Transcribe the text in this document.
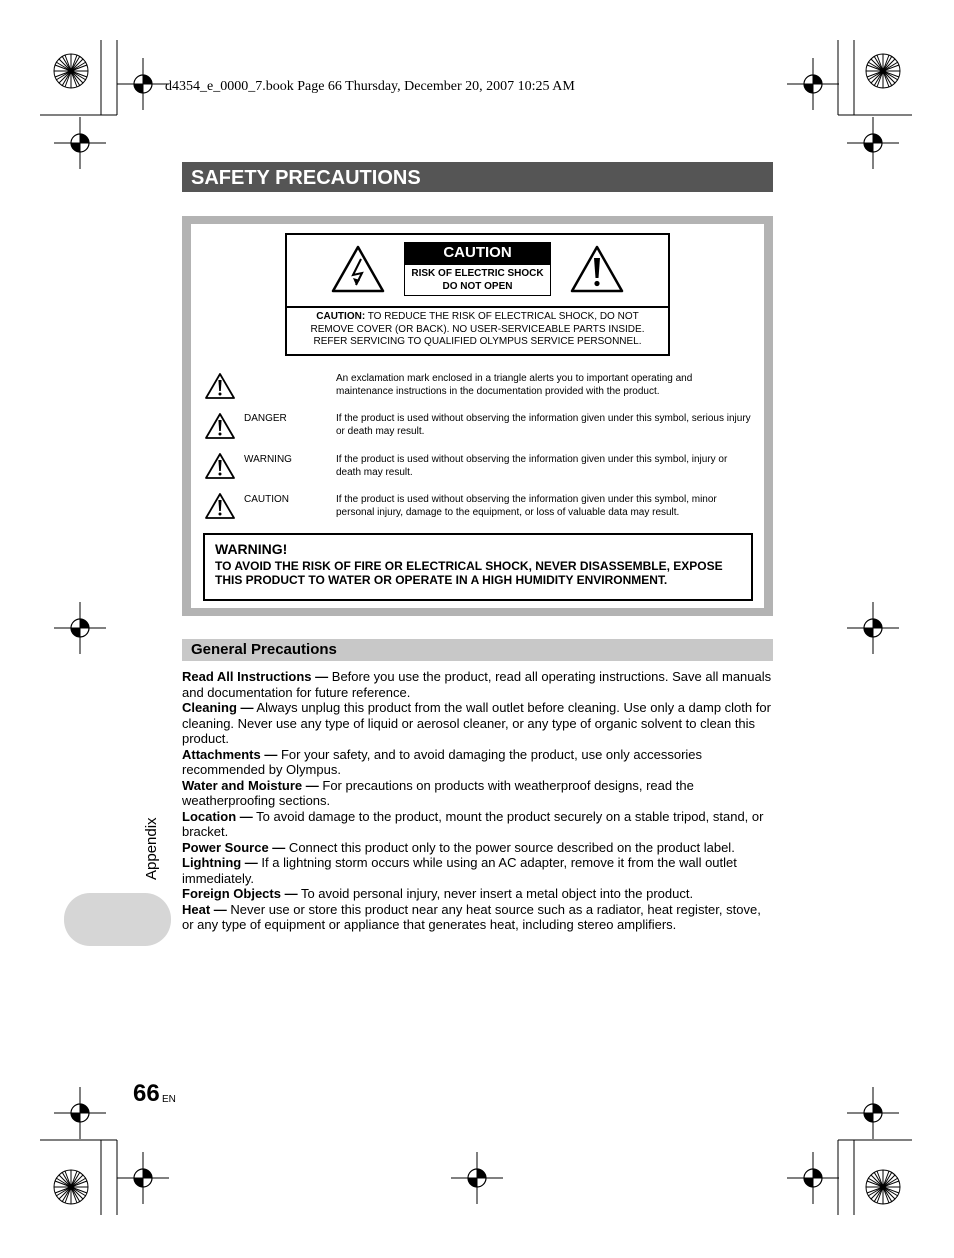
d4354_e_0000_7.book Page 66 Thursday, December 20, 2007 10:25 AM
SAFETY PRECAUTIONS
CAUTION
RISK OF ELECTRIC SHOCK
DO NOT OPEN
CAUTION: TO REDUCE THE RISK OF ELECTRICAL SHOCK, DO NOT
REMOVE COVER (OR BACK). NO USER-SERVICEABLE PARTS INSIDE.
REFER SERVICING TO QUALIFIED OLYMPUS SERVICE PERSONNEL.
An exclamation mark enclosed in a triangle alerts you to important operating and maintenance instructions in the documentation provided with the product.
DANGER	If the product is used without observing the information given under this symbol, serious injury or death may result.
WARNING	If the product is used without observing the information given under this symbol, injury or death may result.
CAUTION	If the product is used without observing the information given under this symbol, minor personal injury, damage to the equipment, or loss of valuable data may result.
WARNING!
TO AVOID THE RISK OF FIRE OR ELECTRICAL SHOCK, NEVER DISASSEMBLE, EXPOSE THIS PRODUCT TO WATER OR OPERATE IN A HIGH HUMIDITY ENVIRONMENT.
General Precautions

Read All Instructions — Before you use the product, read all operating instructions. Save all manuals and documentation for future reference.

Cleaning — Always unplug this product from the wall outlet before cleaning. Use only a damp cloth for cleaning. Never use any type of liquid or aerosol cleaner, or any type of organic solvent to clean this product.

Attachments — For your safety, and to avoid damaging the product, use only accessories recommended by Olympus.

Water and Moisture — For precautions on products with weatherproof designs, read the weatherproofing sections.

Location — To avoid damage to the product, mount the product securely on a stable tripod, stand, or bracket.

Power Source — Connect this product only to the power source described on the product label.

Lightning — If a lightning storm occurs while using an AC adapter, remove it from the wall outlet immediately.

Foreign Objects — To avoid personal injury, never insert a metal object into the product.

Heat — Never use or store this product near any heat source such as a radiator, heat register, stove, or any type of equipment or appliance that generates heat, including stereo amplifiers.

Appendix
66 EN
